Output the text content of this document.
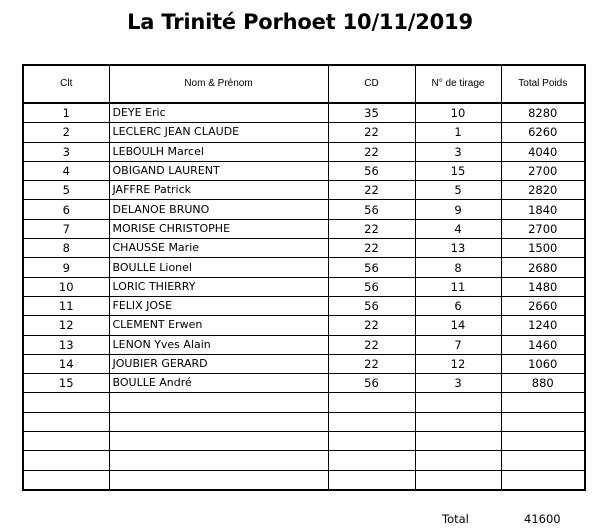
La Trinité Porhoet 10/11/2019
Clt	Nom & Prénom	CD	N° de tirage	Total Poids
1	DEYE Eric	35	10	8280
2	LECLERC JEAN CLAUDE	22	1	6260
3	LEBOULH Marcel	22	3	4040
4	OBIGAND LAURENT	56	15	2700
5	JAFFRE Patrick	22	5	2820
6	DELANOE BRUNO	56	9	1840
7	MORISE CHRISTOPHE	22	4	2700
8	CHAUSSE Marie	22	13	1500
9	BOULLE Lionel	56	8	2680
10	LORIC THIERRY	56	11	1480
11	FELIX JOSE	56	6	2660
12	CLEMENT Erwen	22	14	1240
13	LENON Yves Alain	22	7	1460
14	JOUBIER GERARD	22	12	1060
15	BOULLE André	56	3	880

Total	41600
